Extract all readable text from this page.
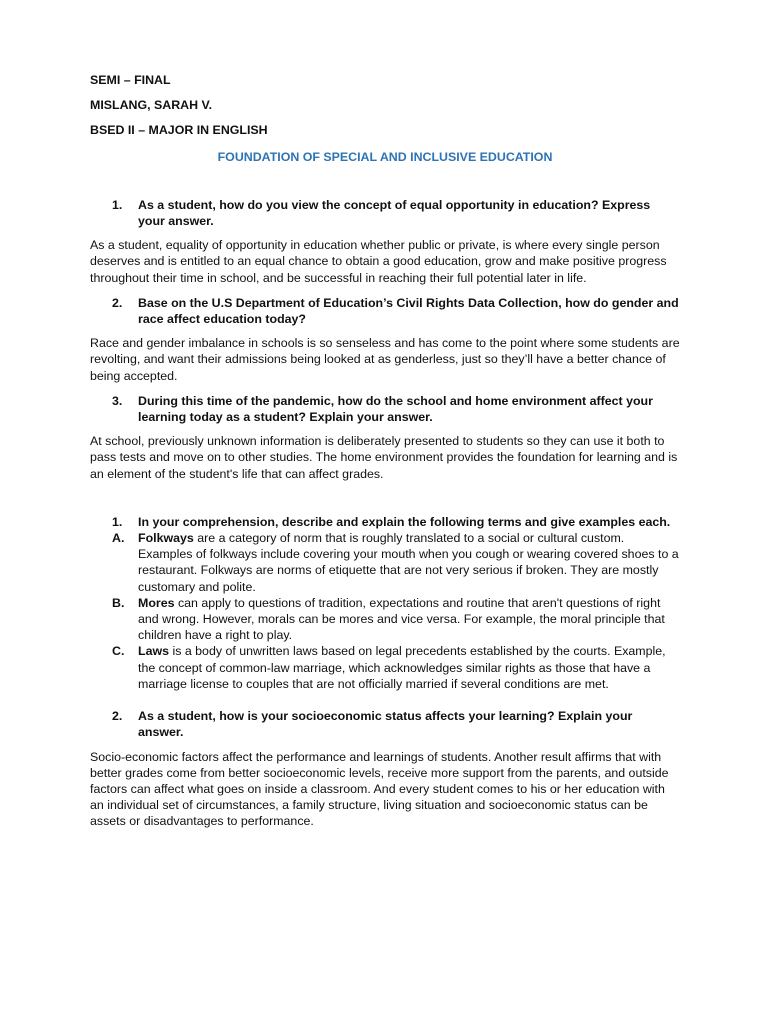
SEMI – FINAL
MISLANG, SARAH V.
BSED II – MAJOR IN ENGLISH
FOUNDATION OF SPECIAL AND INCLUSIVE EDUCATION
1.	As a student, how do you view the concept of equal opportunity in education? Express your answer.

As a student, equality of opportunity in education whether public or private, is where every single person deserves and is entitled to an equal chance to obtain a good education, grow and make positive progress throughout their time in school, and be successful in reaching their full potential later in life.

2.	Base on the U.S Department of Education’s Civil Rights Data Collection, how do gender and race affect education today?

Race and gender imbalance in schools is so senseless and has come to the point where some students are revolting, and want their admissions being looked at as genderless, just so they’ll have a better chance of being accepted.

3.	During this time of the pandemic, how do the school and home environment affect your learning today as a student? Explain your answer.

At school, previously unknown information is deliberately presented to students so they can use it both to pass tests and move on to other studies. The home environment provides the foundation for learning and is an element of the student's life that can affect grades.

1.	In your comprehension, describe and explain the following terms and give examples each.
A.	Folkways are a category of norm that is roughly translated to a social or cultural custom. Examples of folkways include covering your mouth when you cough or wearing covered shoes to a restaurant. Folkways are norms of etiquette that are not very serious if broken. They are mostly customary and polite.
B.	Mores can apply to questions of tradition, expectations and routine that aren't questions of right and wrong. However, morals can be mores and vice versa. For example, the moral principle that children have a right to play.
C.	Laws is a body of unwritten laws based on legal precedents established by the courts. Example, the concept of common-law marriage, which acknowledges similar rights as those that have a marriage license to couples that are not officially married if several conditions are met.
2.	As a student, how is your socioeconomic status affects your learning? Explain your answer.

Socio-economic factors affect the performance and learnings of students. Another result affirms that with better grades come from better socioeconomic levels, receive more support from the parents, and outside factors can affect what goes on inside a classroom. And every student comes to his or her education with an individual set of circumstances, a family structure, living situation and socioeconomic status can be assets or disadvantages to performance.
